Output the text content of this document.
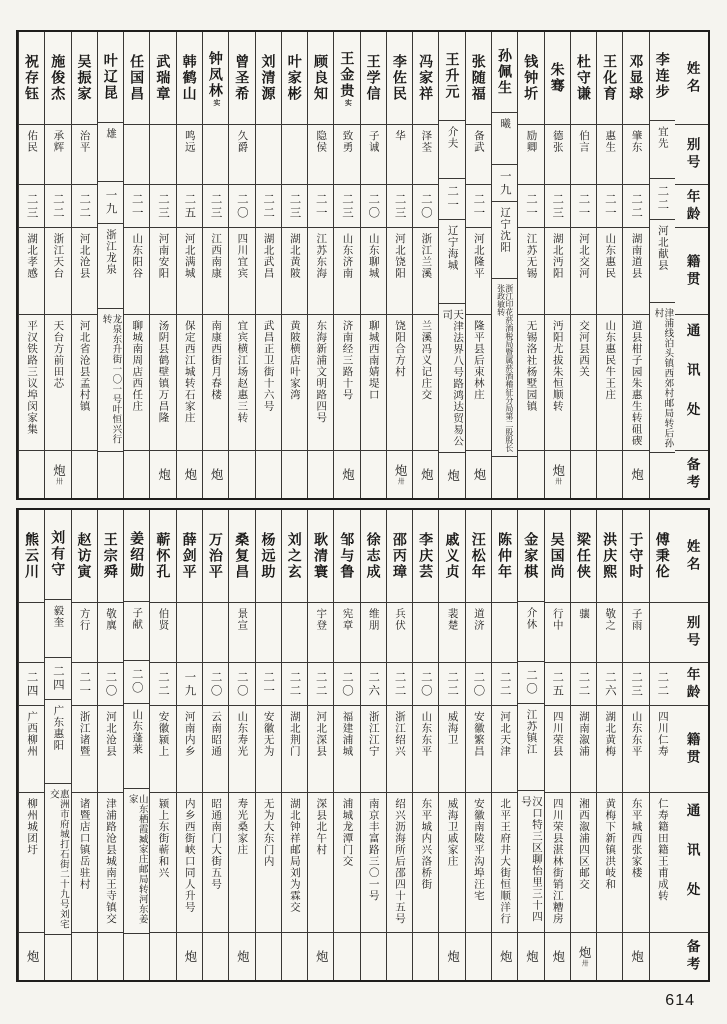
姓名
别号
年龄
籍贯
通讯处
备考
李连步
宜先
二二
河北献县
津浦线泊头镇西郊村邮局转后孙村
邓显球
肇东
二二
湖南道县
道县柑子园朱惠生转砠碶
炮
王化育
惠生
二一
山东惠民
山东惠民牛王庄
杜守谦
伯言
二一
河北交河
交河县西关
朱骞
德张
二三
湖北沔阳
沔阳尤拔朱恒顺转
炮卅
钱钟圻
励卿
二一
江苏无锡
无锡洛社杨墅园镇
孙佩生
曦
一九
辽宁沈阳
浙江印花菸酒税局暨属菸酒稽征分局第二股股长张政敏转
张随福
备武
二一
河北隆平
隆平县后束林庄
炮
王升元
介夫
二一
辽宁海城
天津法界八号路鸿达贸易公司
炮
冯家祥
泽荃
二〇
浙江兰溪
兰溪冯义记庄交
炮
李佐民
华
二三
河北饶阳
饶阳合方村
炮卅
王学信
子诚
二〇
山东聊城
聊城西南婧堤口
王金贵实
致勇
二三
山东济南
济南经三路十号
炮
顾良知
隐侯
二一
江苏东海
东海新浦文明路四号
叶家彬
二三
湖北黄陂
黄陂横店叶家湾
刘清源
二二
湖北武昌
武昌正卫街十六号
曾圣希
久爵
二〇
四川宜宾
宜宾横江场赵惠三转
钟凤林实
二三
江西南康
南康西街月春楼
炮
韩鹤山
鸣远
二五
河北满城
保定西江城转石家庄
炮
武瑞章
二三
河南安阳
汤阴县鹤壁镇万昌隆
炮
任国昌
二一
山东阳谷
聊城南周店西任庄
叶辽昆
雄
一九
浙江龙泉
龙泉东升街一〇一号叶恒兴行转
吴振家
治平
二二
河北沧县
河北省沧县孟村镇
施俊杰
承辉
二二
浙江天台
天台方前田芯
炮卅
祝存钰
佑民
二三
湖北孝感
平汉铁路三议埠闵家集
姓名
别号
年龄
籍贯
通讯处
备考
傅秉伦
二二
四川仁寿
仁寿籍田籍王甫成转
于守时
子雨
二三
山东东平
东平城西张家楼
炮
洪庆熙
敬之
二六
湖北黄梅
黄梅下新镇洪岐和
梁任侠
骧
二二
湖南溆浦
湘西溆浦四区邮交
炮卅
吴国尚
行中
二五
四川荣县
四川荣县湛林街销江糟房
炮
金家棋
介休
二〇
江苏镇江
汉口特三区聊怡里三十四号
炮
陈仲年
二二
河北天津
北平王府井大街恒顺洋行
炮
汪松年
道济
二〇
安徽繁昌
安徽南陵平沟埠汪宅
戚义贞
裴楚
二二
威海卫
威海卫戚家庄
炮
李庆芸
二〇
山东东平
东平城内兴洛桥街
邵丙璋
兵伏
二二
浙江绍兴
绍兴沥海所后邵四十五号
徐志成
维朋
二六
浙江江宁
南京丰富路三〇一号
邹与鲁
宪章
二〇
福建浦城
浦城龙潭门交
耿清寰
宇登
二二
河北深县
深县北午村
炮
刘之玄
二二
湖北荆门
湖北钟祥邮局刘为霖交
杨远助
二一
安徽无为
无为大东门内
桑复昌
景宣
二〇
山东寿光
寿光桑家庄
炮
万治平
二〇
云南昭通
昭通南门大街五号
薛剑平
一九
河南内乡
内乡西街峡口同人升号
炮
蕲怀孔
伯贤
二二
安徽颍上
颍上东街蕲和兴
姜绍勋
子献
二〇
山东蓬莱
山东栖霞臧家庄邮局转河东姜家
王宗舜
敬廙
二〇
河北沧县
津浦路沧县城南王寺镇交
赵访寅
方行
二一
浙江诸暨
诸暨店口镇岳驻村
刘有守
毅奎
二四
广东惠阳
惠洲市府城打石街二十九号刘宅交
熊云川
二四
广西柳州
柳州城团圩
炮
614
